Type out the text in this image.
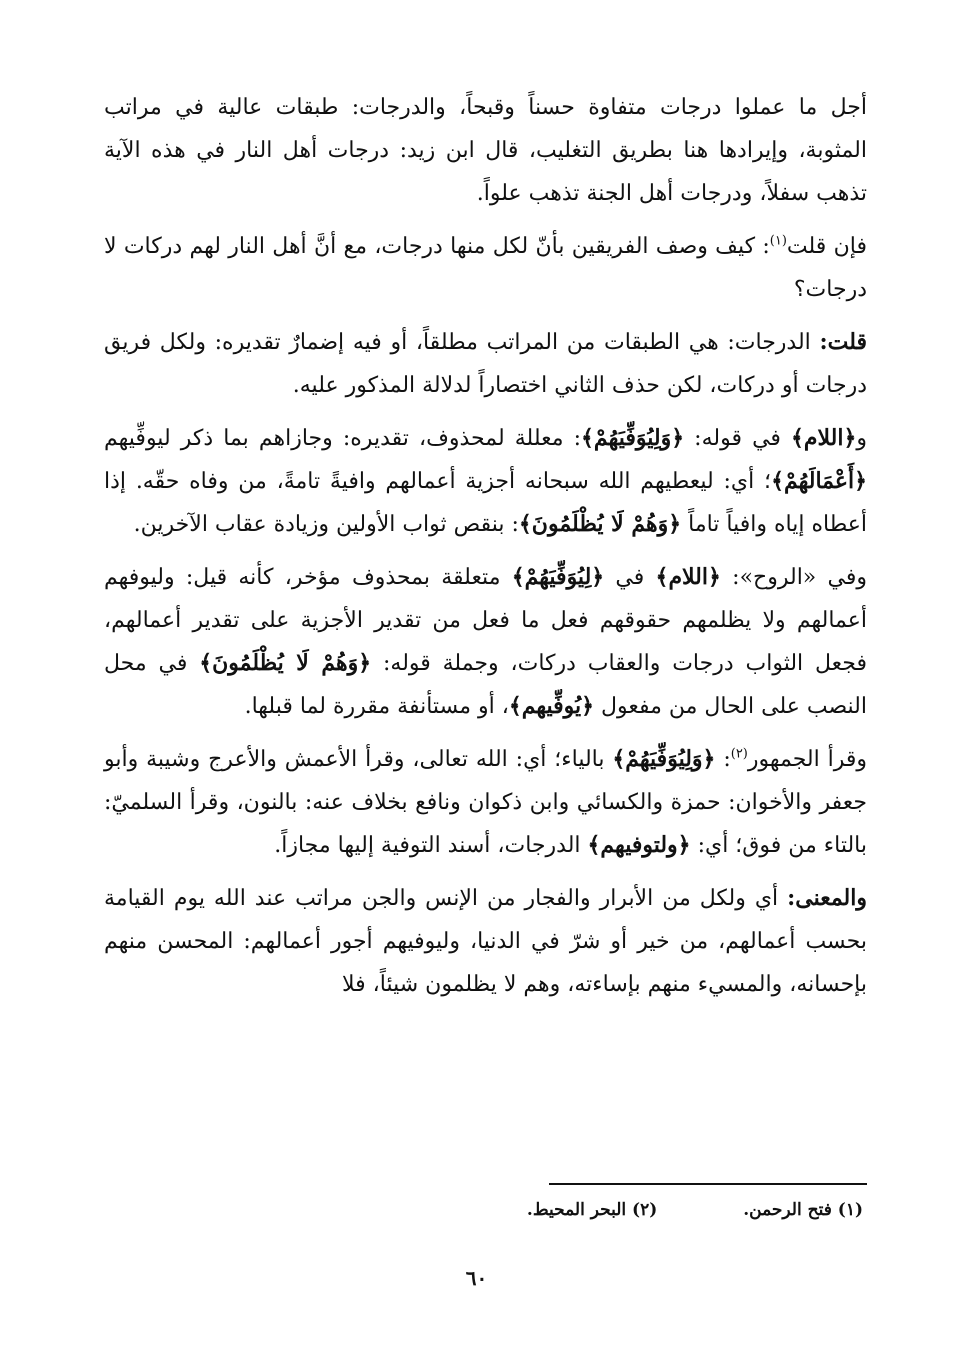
أجل ما عملوا درجات متفاوة حسناً وقبحاً، والدرجات: طبقات عالية في مراتب المثوبة، وإيرادها هنا بطريق التغليب، قال ابن زيد: درجات أهل النار في هذه الآية تذهب سفلاً، ودرجات أهل الجنة تذهب علواً.

فإن قلت$^{(١)}$: كيف وصف الفريقين بأنّ لكل منها درجات، مع أنَّ أهل النار لهم دركات لا درجات؟

قلت: الدرجات: هي الطبقات من المراتب مطلقاً، أو فيه إضمارٌ تقديره: ولكل فريق درجات أو دركات، لكن حذف الثاني اختصاراً لدلالة المذكور عليه.

و﴿اللام﴾ في قوله: ﴿وَلِيُوَفِّيَهُمْ﴾: معللة لمحذوف، تقديره: وجازاهم بما ذكر ليوفِّيهم ﴿أَعْمَالَهُمْ﴾؛ أي: ليعطيهم الله سبحانه أجزية أعمالهم وافيةً تامةً، من وفاه حقّه. إذا أعطاه إياه وافياً تاماً ﴿وَهُمْ لَا يُظْلَمُونَ﴾: بنقص ثواب الأولين وزيادة عقاب الآخرين.

وفي «الروح»: ﴿اللام﴾ في ﴿لِيُوَفِّيَهُمْ﴾ متعلقة بمحذوف مؤخر، كأنه قيل: وليوفهم أعمالهم ولا يظلمهم حقوقهم فعل ما فعل من تقدير الأجزية على تقدير أعمالهم، فجعل الثواب درجات والعقاب دركات، وجملة قوله: ﴿وَهُمْ لَا يُظْلَمُونَ﴾ في محل النصب على الحال من مفعول ﴿يُوفِّيهم﴾، أو مستأنفة مقررة لما قبلها.

وقرأ الجمهور$^{(٢)}$: ﴿وَلِيُوَفِّيَهُمْ﴾ بالياء؛ أي: الله تعالى، وقرأ الأعمش والأعرج وشيبة وأبو جعفر والأخوان: حمزة والكسائي وابن ذكوان ونافع بخلاف عنه: بالنون، وقرأ السلميّ: بالتاء من فوق؛ أي: ﴿ولتوفيهم﴾ الدرجات، أسند التوفية إليها مجازاً.

والمعنى: أي ولكل من الأبرار والفجار من الإنس والجن مراتب عند الله يوم القيامة بحسب أعمالهم، من خير أو شرّ في الدنيا، وليوفيهم أجور أعمالهم: المحسن منهم بإحسانه، والمسيء منهم بإساءته، وهم لا يظلمون شيئاً، فلا

(١) فتح الرحمن. (٢) البحر المحيط.
٦٠
